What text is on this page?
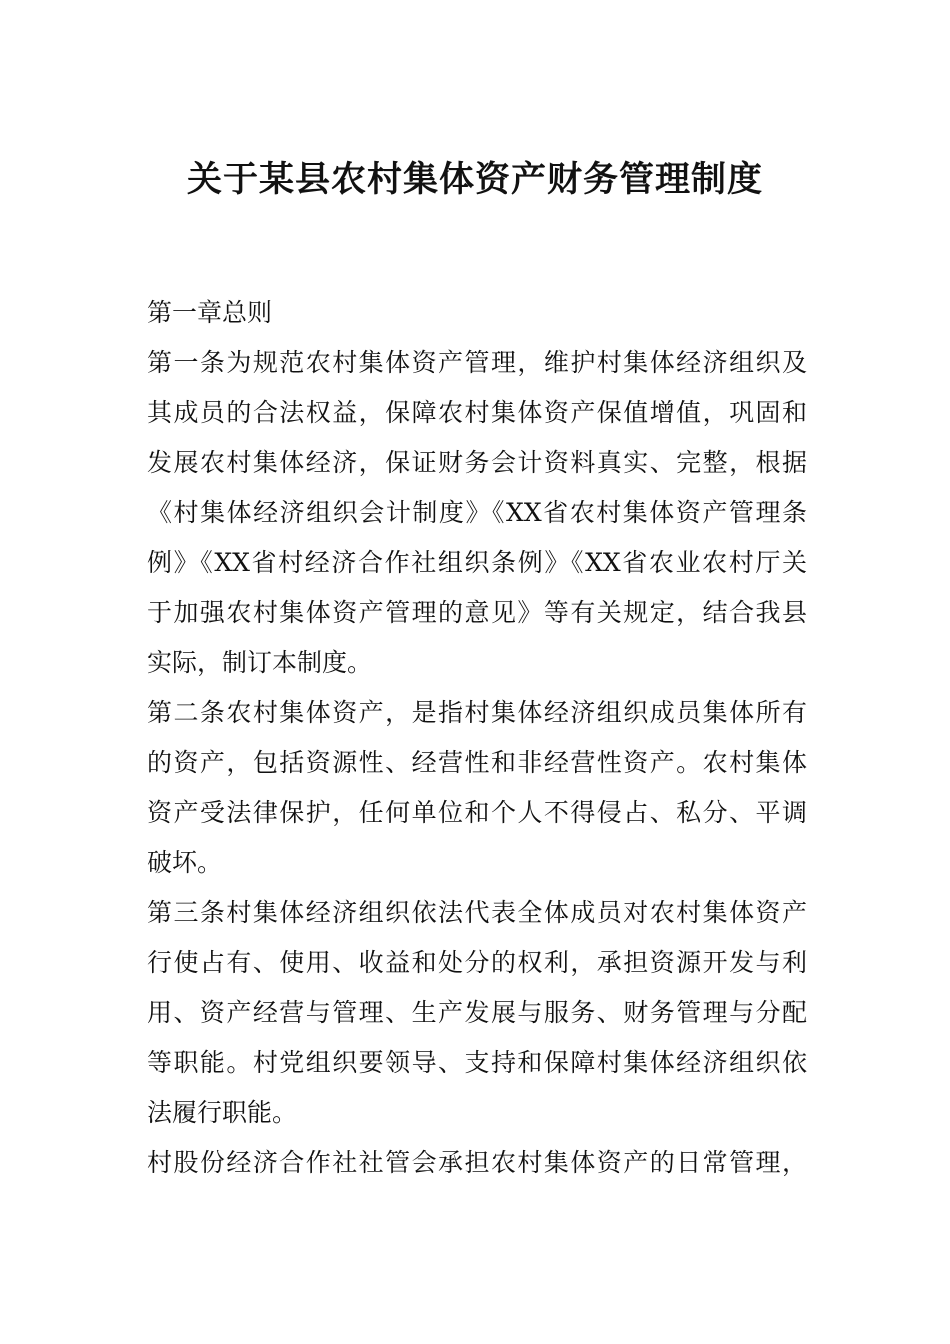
关于某县农村集体资产财务管理制度
第一章总则
第一条为规范农村集体资产管理，维护村集体经济组织及
其成员的合法权益，保障农村集体资产保值增值，巩固和
发展农村集体经济，保证财务会计资料真实、完整，根据
《村集体经济组织会计制度》《XX省农村集体资产管理条
例》《XX省村经济合作社组织条例》《XX省农业农村厅关
于加强农村集体资产管理的意见》等有关规定，结合我县
实际，制订本制度。
第二条农村集体资产，是指村集体经济组织成员集体所有
的资产，包括资源性、经营性和非经营性资产。农村集体
资产受法律保护，任何单位和个人不得侵占、私分、平调
破坏。
第三条村集体经济组织依法代表全体成员对农村集体资产
行使占有、使用、收益和处分的权利，承担资源开发与利
用、资产经营与管理、生产发展与服务、财务管理与分配
等职能。村党组织要领导、支持和保障村集体经济组织依
法履行职能。
村股份经济合作社社管会承担农村集体资产的日常管理，
